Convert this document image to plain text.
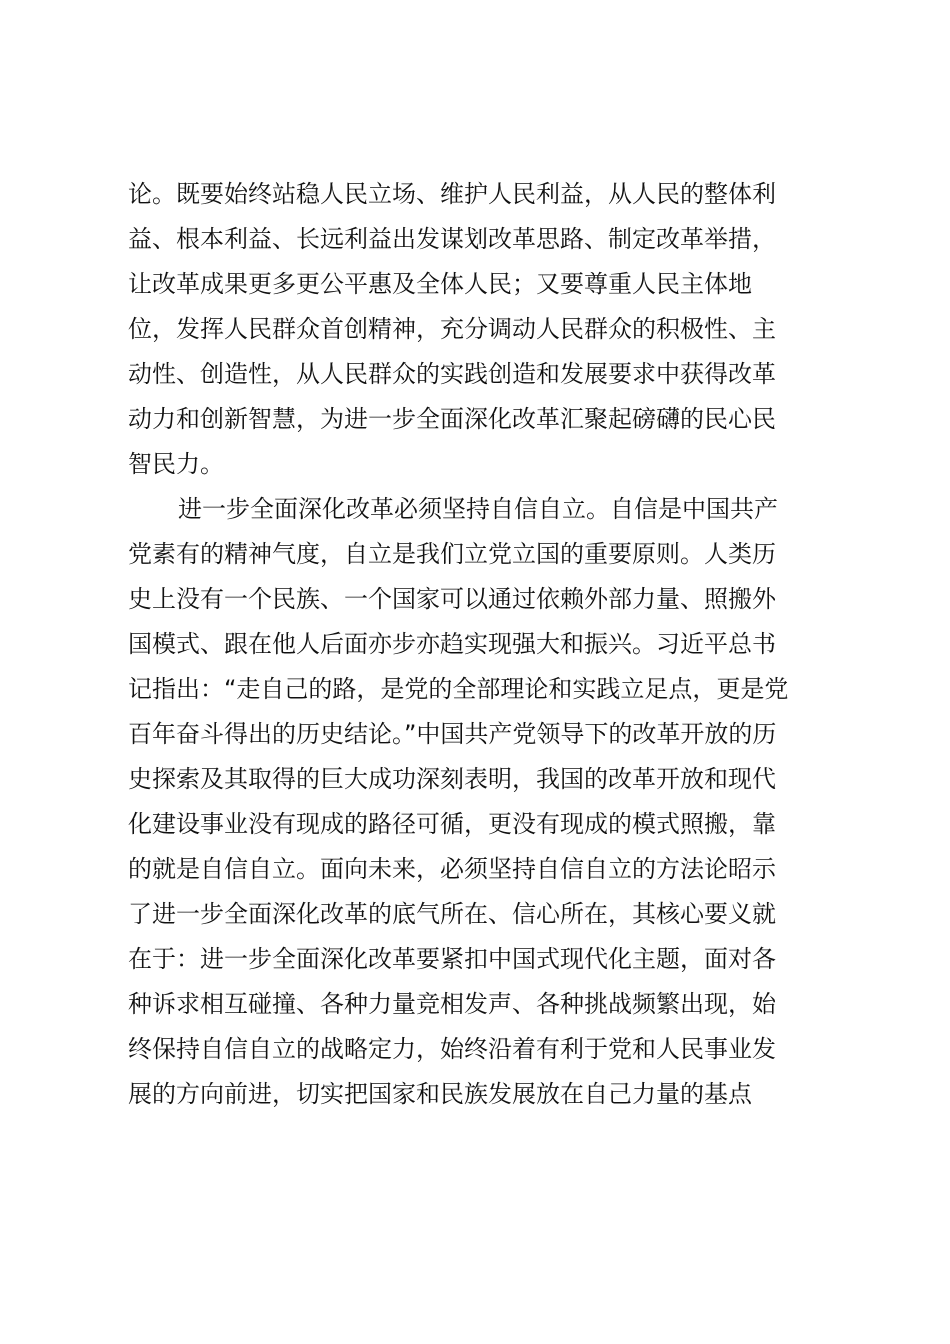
论。既要始终站稳人民立场、维护人民利益，从人民的整体利
益、根本利益、长远利益出发谋划改革思路、制定改革举措，
让改革成果更多更公平惠及全体人民；又要尊重人民主体地
位，发挥人民群众首创精神，充分调动人民群众的积极性、主
动性、创造性，从人民群众的实践创造和发展要求中获得改革
动力和创新智慧，为进一步全面深化改革汇聚起磅礴的民心民
智民力。
进一步全面深化改革必须坚持自信自立。自信是中国共产
党素有的精神气度，自立是我们立党立国的重要原则。人类历
史上没有一个民族、一个国家可以通过依赖外部力量、照搬外
国模式、跟在他人后面亦步亦趋实现强大和振兴。习近平总书
记指出：“走自己的路，是党的全部理论和实践立足点，更是党
百年奋斗得出的历史结论。”中国共产党领导下的改革开放的历
史探索及其取得的巨大成功深刻表明，我国的改革开放和现代
化建设事业没有现成的路径可循，更没有现成的模式照搬，靠
的就是自信自立。面向未来，必须坚持自信自立的方法论昭示
了进一步全面深化改革的底气所在、信心所在，其核心要义就
在于：进一步全面深化改革要紧扣中国式现代化主题，面对各
种诉求相互碰撞、各种力量竞相发声、各种挑战频繁出现，始
终保持自信自立的战略定力，始终沿着有利于党和人民事业发
展的方向前进，切实把国家和民族发展放在自己力量的基点
